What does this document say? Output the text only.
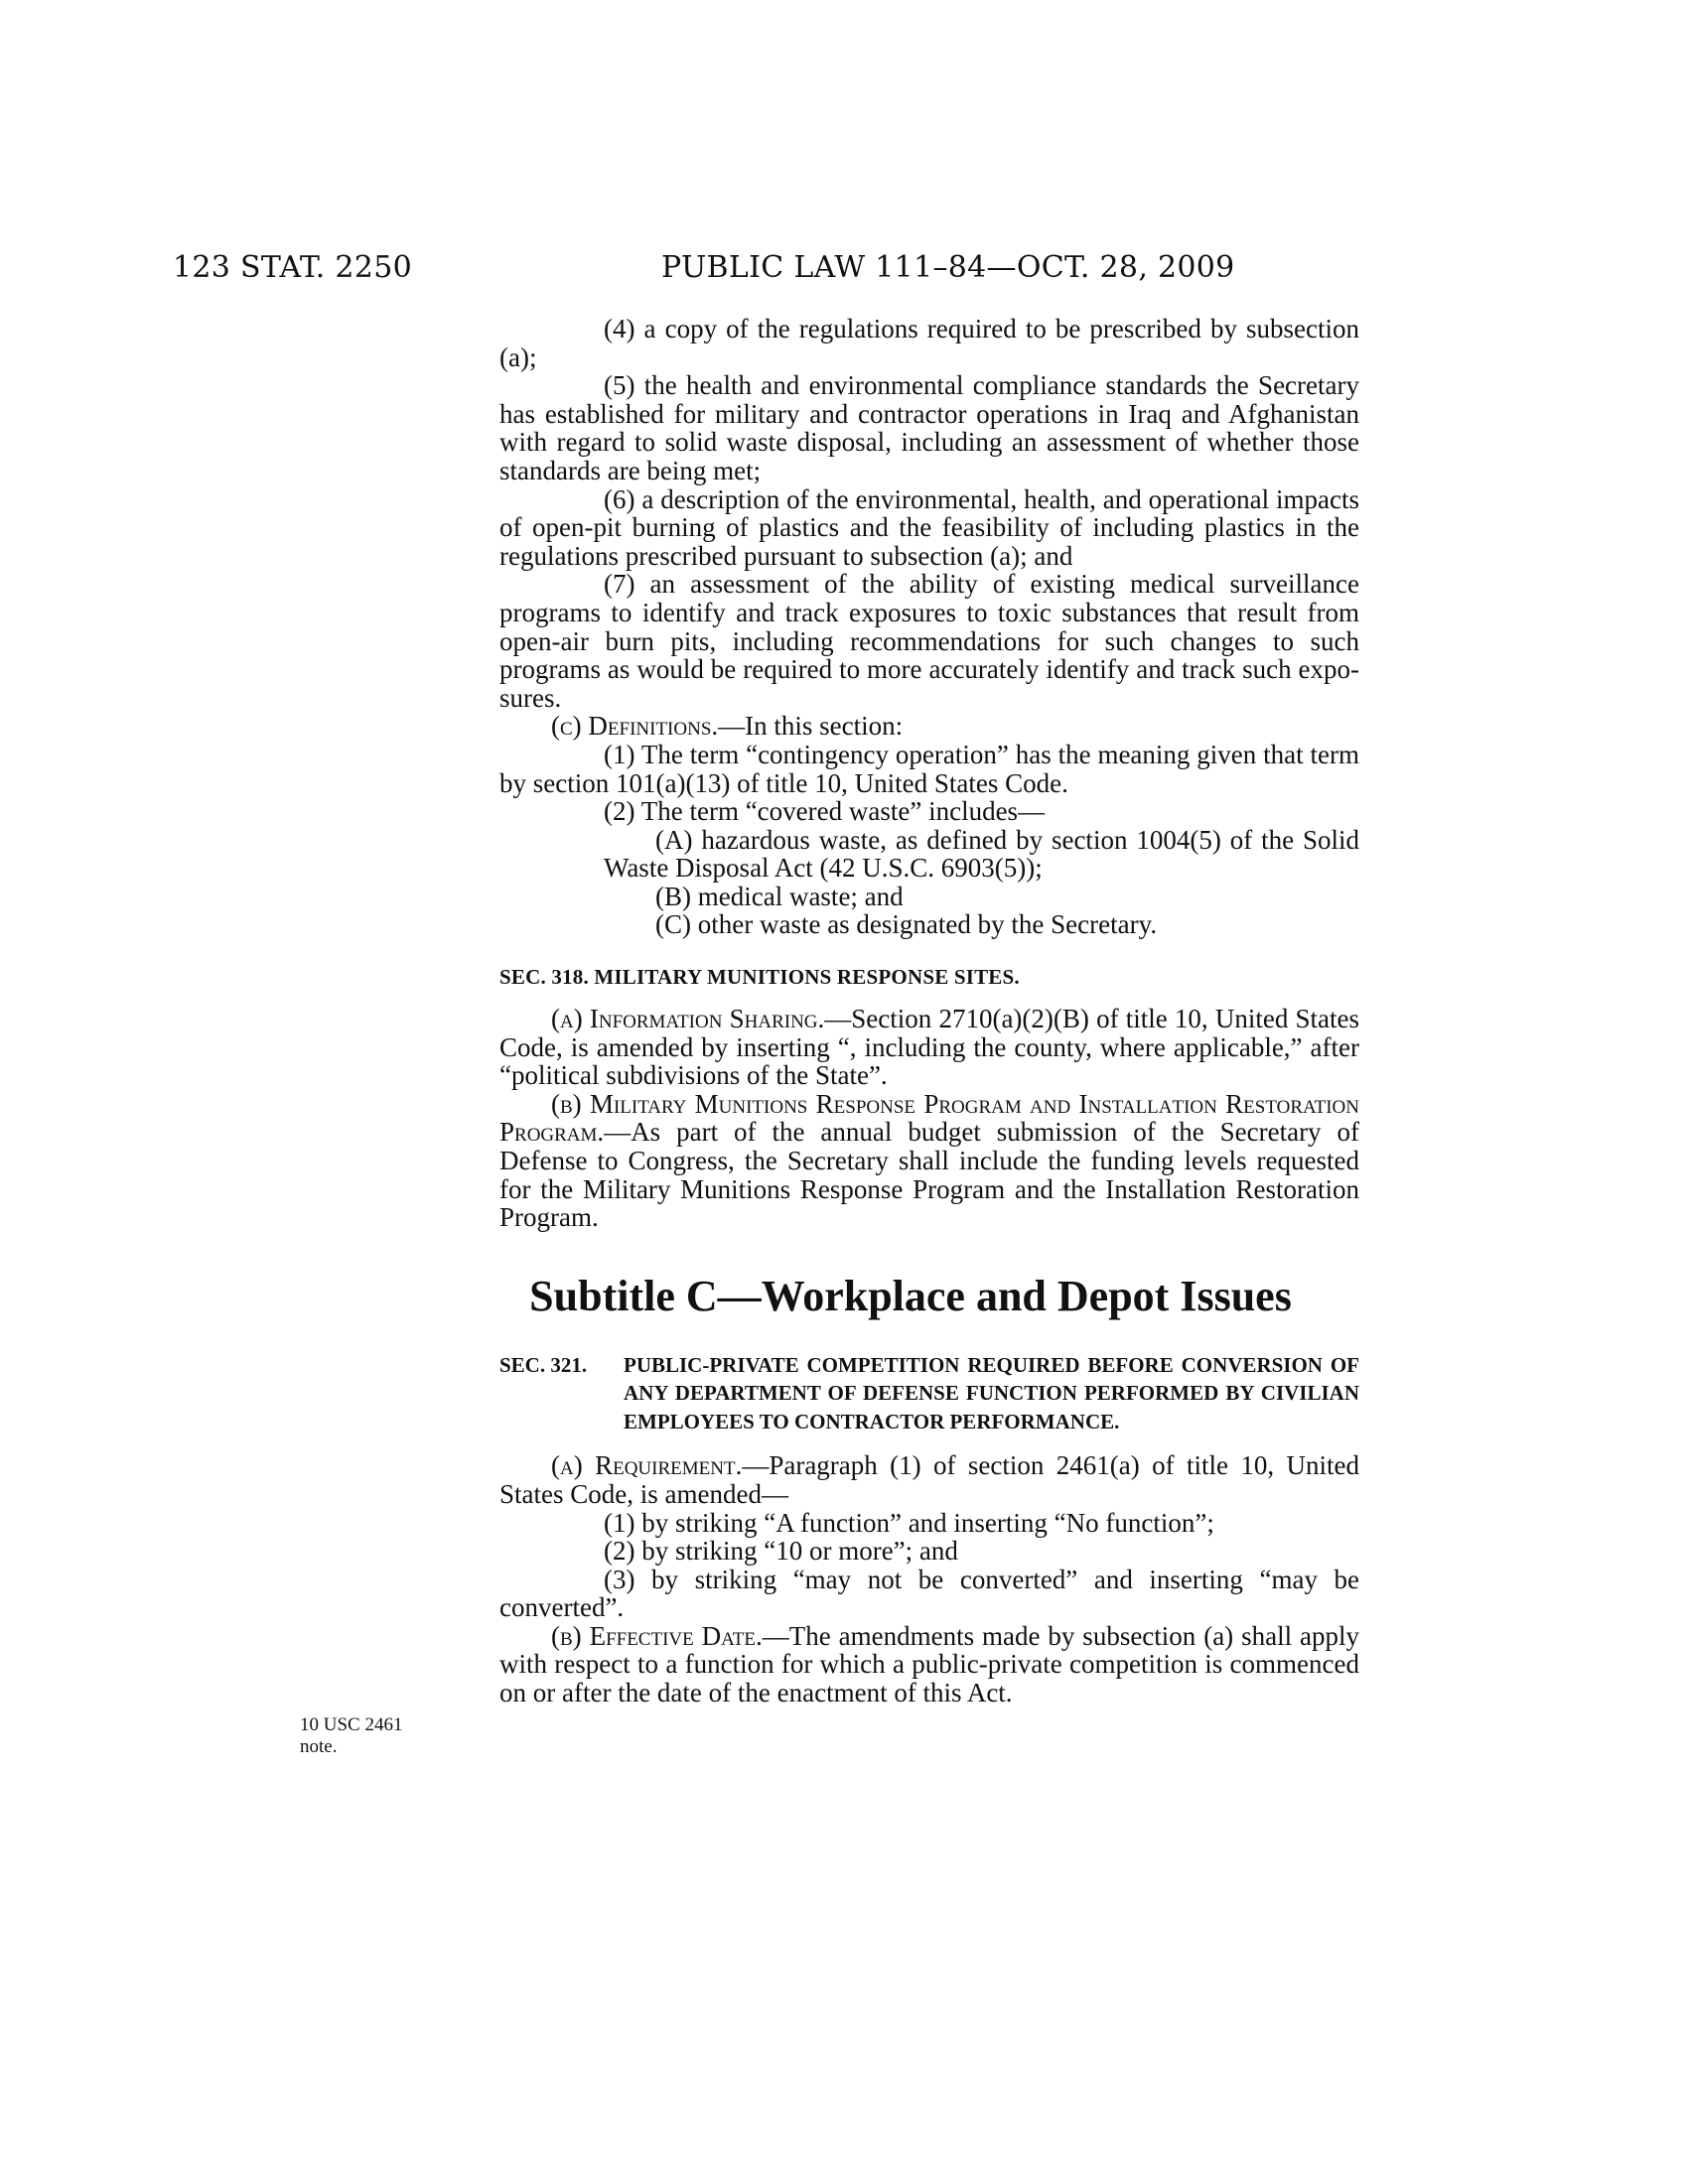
123 STAT. 2250	PUBLIC LAW 111–84—OCT. 28, 2009
10 USC 2461
note.

(4) a copy of the regulations required to be prescribed by subsection (a);

(5) the health and environmental compliance standards the Secretary has established for military and contractor operations in Iraq and Afghanistan with regard to solid waste disposal, including an assessment of whether those standards are being met;

(6) a description of the environmental, health, and operational impacts of open-pit burning of plastics and the feasibility of including plastics in the regulations prescribed pursuant to subsection (a); and

(7) an assessment of the ability of existing medical surveillance programs to identify and track exposures to toxic substances that result from open-air burn pits, including recommendations for such changes to such programs as would be required to more accurately identify and track such exposures.

(c) Definitions.—In this section:

(1) The term “contingency operation” has the meaning given that term by section 101(a)(13) of title 10, United States Code.

(2) The term “covered waste” includes—

(A) hazardous waste, as defined by section 1004(5) of the Solid Waste Disposal Act (42 U.S.C. 6903(5));

(B) medical waste; and

(C) other waste as designated by the Secretary.

SEC. 318. MILITARY MUNITIONS RESPONSE SITES.

(a) Information Sharing.—Section 2710(a)(2)(B) of title 10, United States Code, is amended by inserting “, including the county, where applicable,” after “political subdivisions of the State”.

(b) Military Munitions Response Program and Installation Restoration Program.—As part of the annual budget submission of the Secretary of Defense to Congress, the Secretary shall include the funding levels requested for the Military Munitions Response Program and the Installation Restoration Program.

Subtitle C—Workplace and Depot Issues
SEC. 321.	PUBLIC-PRIVATE COMPETITION REQUIRED BEFORE CONVERSION OF ANY DEPARTMENT OF DEFENSE FUNCTION PERFORMED BY CIVILIAN EMPLOYEES TO CONTRACTOR PERFORMANCE.

(a) Requirement.—Paragraph (1) of section 2461(a) of title 10, United States Code, is amended—

(1) by striking “A function” and inserting “No function”;

(2) by striking “10 or more”; and

(3) by striking “may not be converted” and inserting “may be converted”.

(b) Effective Date.—The amendments made by subsection (a) shall apply with respect to a function for which a public-private competition is commenced on or after the date of the enactment of this Act.
